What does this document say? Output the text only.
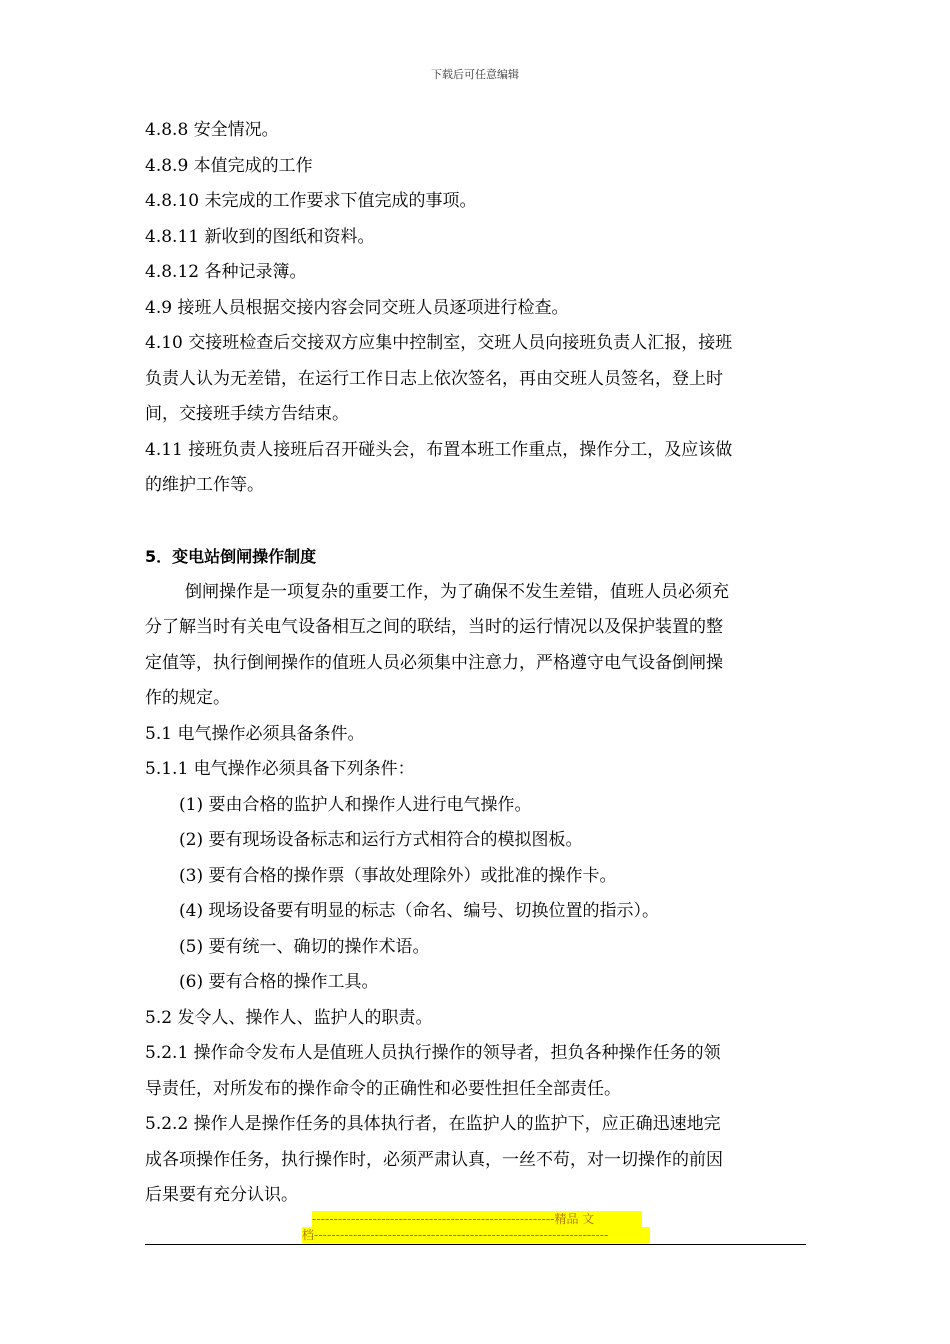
下载后可任意编辑
4.8.8 安全情况。
4.8.9 本值完成的工作
4.8.10 未完成的工作要求下值完成的事项。
4.8.11 新收到的图纸和资料。
4.8.12 各种记录簿。
4.9 接班人员根据交接内容会同交班人员逐项进行检查。
4.10 交接班检查后交接双方应集中控制室，交班人员向接班负责人汇报，接班
负责人认为无差错，在运行工作日志上依次签名，再由交班人员签名，登上时
间，交接班手续方告结束。
4.11 接班负责人接班后召开碰头会，布置本班工作重点，操作分工，及应该做
的维护工作等。
5．变电站倒闸操作制度
倒闸操作是一项复杂的重要工作，为了确保不发生差错，值班人员必须充
分了解当时有关电气设备相互之间的联结，当时的运行情况以及保护装置的整
定值等，执行倒闸操作的值班人员必须集中注意力，严格遵守电气设备倒闸操
作的规定。
5.1 电气操作必须具备条件。
5.1.1 电气操作必须具备下列条件：
(1) 要由合格的监护人和操作人进行电气操作。
(2) 要有现场设备标志和运行方式相符合的模拟图板。
(3) 要有合格的操作票（事故处理除外）或批准的操作卡。
(4) 现场设备要有明显的标志（命名、编号、切换位置的指示）。
(5) 要有统一、确切的操作术语。
(6) 要有合格的操作工具。
5.2 发令人、操作人、监护人的职责。
5.2.1 操作命令发布人是值班人员执行操作的领导者，担负各种操作任务的领
导责任，对所发布的操作命令的正确性和必要性担任全部责任。
5.2.2 操作人是操作任务的具体执行者，在监护人的监护下，应正确迅速地完
成各项操作任务，执行操作时，必须严肃认真，一丝不苟，对一切操作的前因
后果要有充分认识。
--------------------------------------------------------精品 文
档--------------------------------------------------------------------
